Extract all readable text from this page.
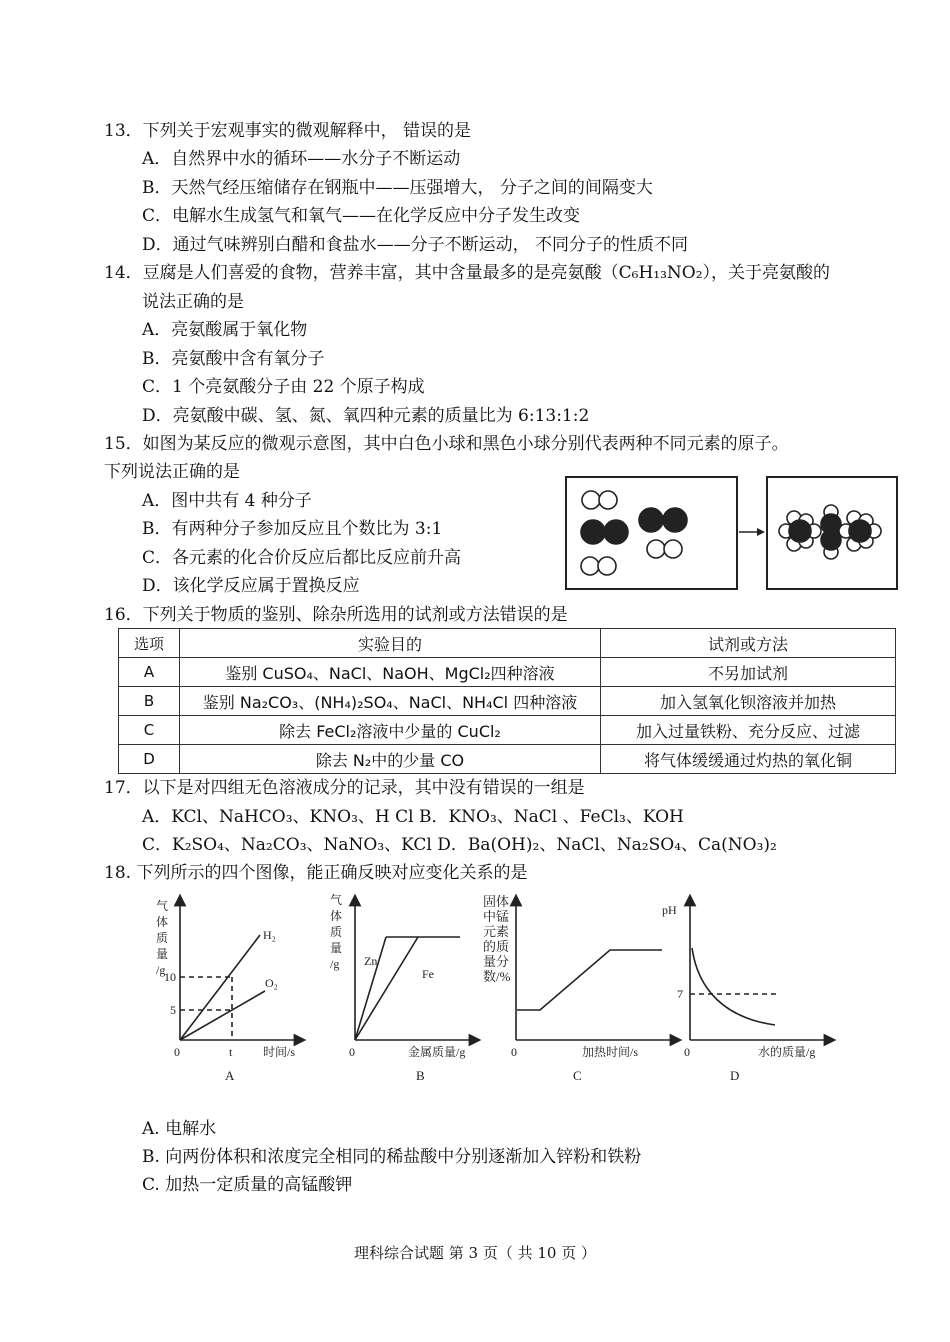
13．下列关于宏观事实的微观解释中， 错误的是
A．自然界中水的循环——水分子不断运动
B．天然气经压缩储存在钢瓶中——压强增大， 分子之间的间隔变大
C．电解水生成氢气和氧气——在化学反应中分子发生改变
D．通过气味辨别白醋和食盐水——分子不断运动， 不同分子的性质不同
14．豆腐是人们喜爱的食物，营养丰富，其中含量最多的是亮氨酸（C₆H₁₃NO₂），关于亮氨酸的
说法正确的是
A．亮氨酸属于氧化物
B．亮氨酸中含有氧分子
C．1 个亮氨酸分子由 22 个原子构成
D．亮氨酸中碳、氢、氮、氧四种元素的质量比为 6:13:1:2
15．如图为某反应的微观示意图，其中白色小球和黑色小球分别代表两种不同元素的原子。
下列说法正确的是
A．图中共有 4 种分子
B．有两种分子参加反应且个数比为 3:1
C．各元素的化合价反应后都比反应前升高
D．该化学反应属于置换反应
16．下列关于物质的鉴别、除杂所选用的试剂或方法错误的是
选项	实验目的	试剂或方法
A	鉴别 CuSO₄、NaCl、NaOH、MgCl₂四种溶液	不另加试剂
B	鉴别 Na₂CO₃、(NH₄)₂SO₄、NaCl、NH₄Cl 四种溶液	加入氢氧化钡溶液并加热
C	除去 FeCl₂溶液中少量的 CuCl₂	加入过量铁粉、充分反应、过滤
D	除去 N₂中的少量 CO	将气体缓缓通过灼热的氧化铜
17．以下是对四组无色溶液成分的记录，其中没有错误的一组是
A．KCl、NaHCO₃、KNO₃、H Cl B．KNO₃、NaCl 、FeCl₃、KOH
C．K₂SO₄、Na₂CO₃、NaNO₃、KCl D．Ba(OH)₂、NaCl、Na₂SO₄、Ca(NO₃)₂
18. 下列所示的四个图像，能正确反映对应变化关系的是
气
体
质
量
/g
10
5
0	t	时间/s
H₂
O₂
A
气
体
质
量
/g
0	金属质量/g
Zn
Fe
B
固 体
中 锰
元 素
的 质
量 分
数/%
0	加热时间/s
C
pH
7
0	水的质量/g
D
A. 电解水
B. 向两份体积和浓度完全相同的稀盐酸中分别逐渐加入锌粉和铁粉
C. 加热一定质量的高锰酸钾
理科综合试题 第 3 页（ 共 10 页 ）
